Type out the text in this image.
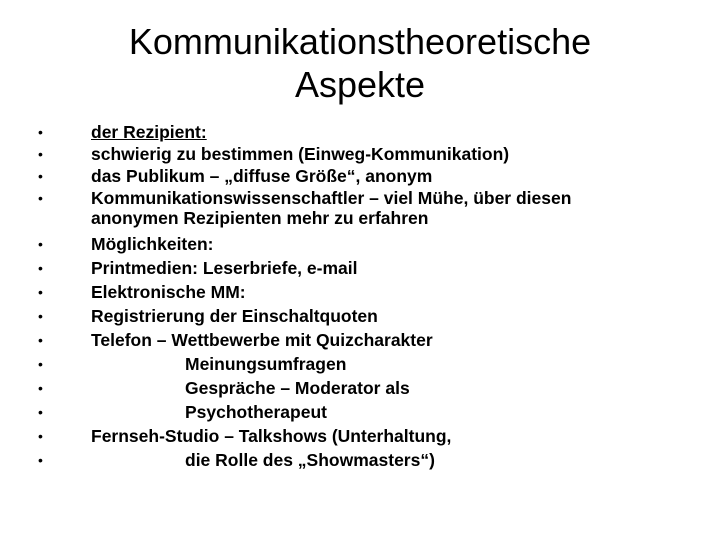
Kommunikationstheoretische
Aspekte
•	der Rezipient:
•	schwierig zu bestimmen (Einweg-Kommunikation)
•	das Publikum – „diffuse Größe“, anonym
•	Kommunikationswissenschaftler – viel Mühe, über diesen
anonymen Rezipienten mehr zu erfahren
•	Möglichkeiten:
•	Printmedien: Leserbriefe, e-mail
•	Elektronische MM:
•	Registrierung der Einschaltquoten
•	Telefon – Wettbewerbe mit Quizcharakter
•	Meinungsumfragen
•	Gespräche – Moderator als
•	Psychotherapeut
•	Fernseh-Studio – Talkshows (Unterhaltung,
•	die Rolle des „Showmasters“)
